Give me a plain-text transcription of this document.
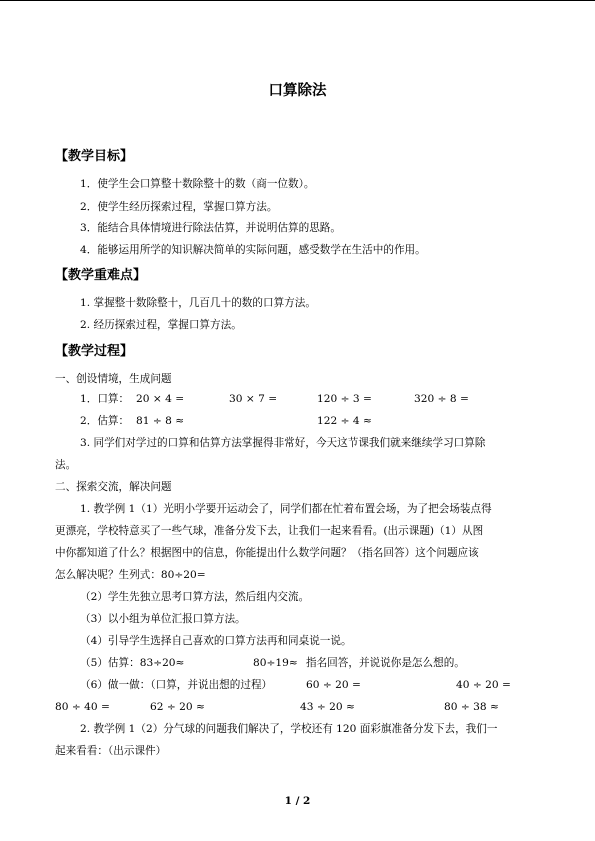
口算除法
【教学目标】
1．使学生会口算整十数除整十的数（商一位数）。
2．使学生经历探索过程，掌握口算方法。
3．能结合具体情境进行除法估算，并说明估算的思路。
4．能够运用所学的知识解决简单的实际问题，感受数学在生活中的作用。
【教学重难点】
1. 掌握整十数除整十，几百几十的数的口算方法。
2. 经历探索过程，掌握口算方法。
【教学过程】
一、创设情境，生成问题
1．口算： 20 × 4 =	30 × 7 =	120 ÷ 3 =	320 ÷ 8 =
2．估算： 81 ÷ 8 ≈	122 ÷ 4 ≈
3. 同学们对学过的口算和估算方法掌握得非常好，今天这节课我们就来继续学习口算除
法。
二、探索交流，解决问题
1. 教学例 1（1）光明小学要开运动会了，同学们都在忙着布置会场，为了把会场装点得
更漂亮，学校特意买了一些气球，准备分发下去，让我们一起来看看。(出示课题)（1）从图
中你都知道了什么？根据图中的信息，你能提出什么数学问题？（指名回答）这个问题应该
怎么解决呢？生列式：80÷20=
（2）学生先独立思考口算方法，然后组内交流。
（3）以小组为单位汇报口算方法。
（4）引导学生选择自己喜欢的口算方法再和同桌说一说。
（5）估算：83÷20≈	80÷19≈ 指名回答，并说说你是怎么想的。
（6）做一做：（口算，并说出想的过程）	60 ÷ 20 =	40 ÷ 20 =
80 ÷ 40 =	62 ÷ 20 ≈	43 ÷ 20 ≈	80 ÷ 38 ≈
2. 教学例 1（2）分气球的问题我们解决了，学校还有 120 面彩旗准备分发下去，我们一
起来看看：（出示课件）
1 / 2
